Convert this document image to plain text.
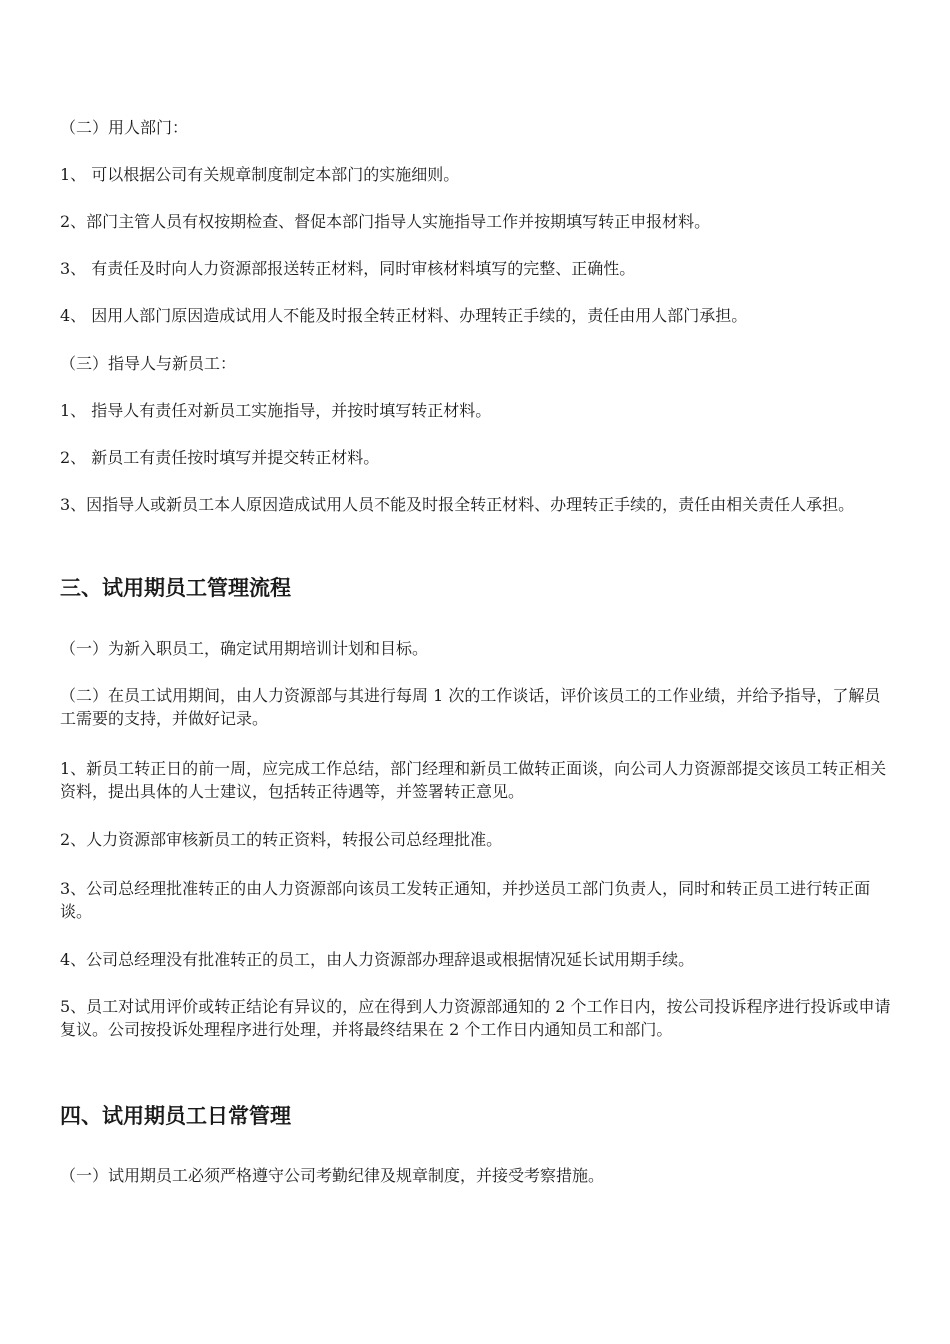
（二）用人部门：
1、 可以根据公司有关规章制度制定本部门的实施细则。
2、部门主管人员有权按期检查、督促本部门指导人实施指导工作并按期填写转正申报材料。
3、 有责任及时向人力资源部报送转正材料，同时审核材料填写的完整、正确性。
4、 因用人部门原因造成试用人不能及时报全转正材料、办理转正手续的，责任由用人部门承担。
（三）指导人与新员工：
1、 指导人有责任对新员工实施指导，并按时填写转正材料。
2、 新员工有责任按时填写并提交转正材料。
3、因指导人或新员工本人原因造成试用人员不能及时报全转正材料、办理转正手续的，责任由相关责任人承担。
三、试用期员工管理流程
（一）为新入职员工，确定试用期培训计划和目标。
（二）在员工试用期间，由人力资源部与其进行每周 1 次的工作谈话，评价该员工的工作业绩，并给予指导，了解员工需要的支持，并做好记录。
1、新员工转正日的前一周，应完成工作总结，部门经理和新员工做转正面谈，向公司人力资源部提交该员工转正相关资料，提出具体的人士建议，包括转正待遇等，并签署转正意见。
2、人力资源部审核新员工的转正资料，转报公司总经理批准。
3、公司总经理批准转正的由人力资源部向该员工发转正通知，并抄送员工部门负责人，同时和转正员工进行转正面谈。
4、公司总经理没有批准转正的员工，由人力资源部办理辞退或根据情况延长试用期手续。
5、员工对试用评价或转正结论有异议的，应在得到人力资源部通知的 2 个工作日内，按公司投诉程序进行投诉或申请复议。公司按投诉处理程序进行处理，并将最终结果在 2 个工作日内通知员工和部门。
四、试用期员工日常管理
（一）试用期员工必须严格遵守公司考勤纪律及规章制度，并接受考察措施。
